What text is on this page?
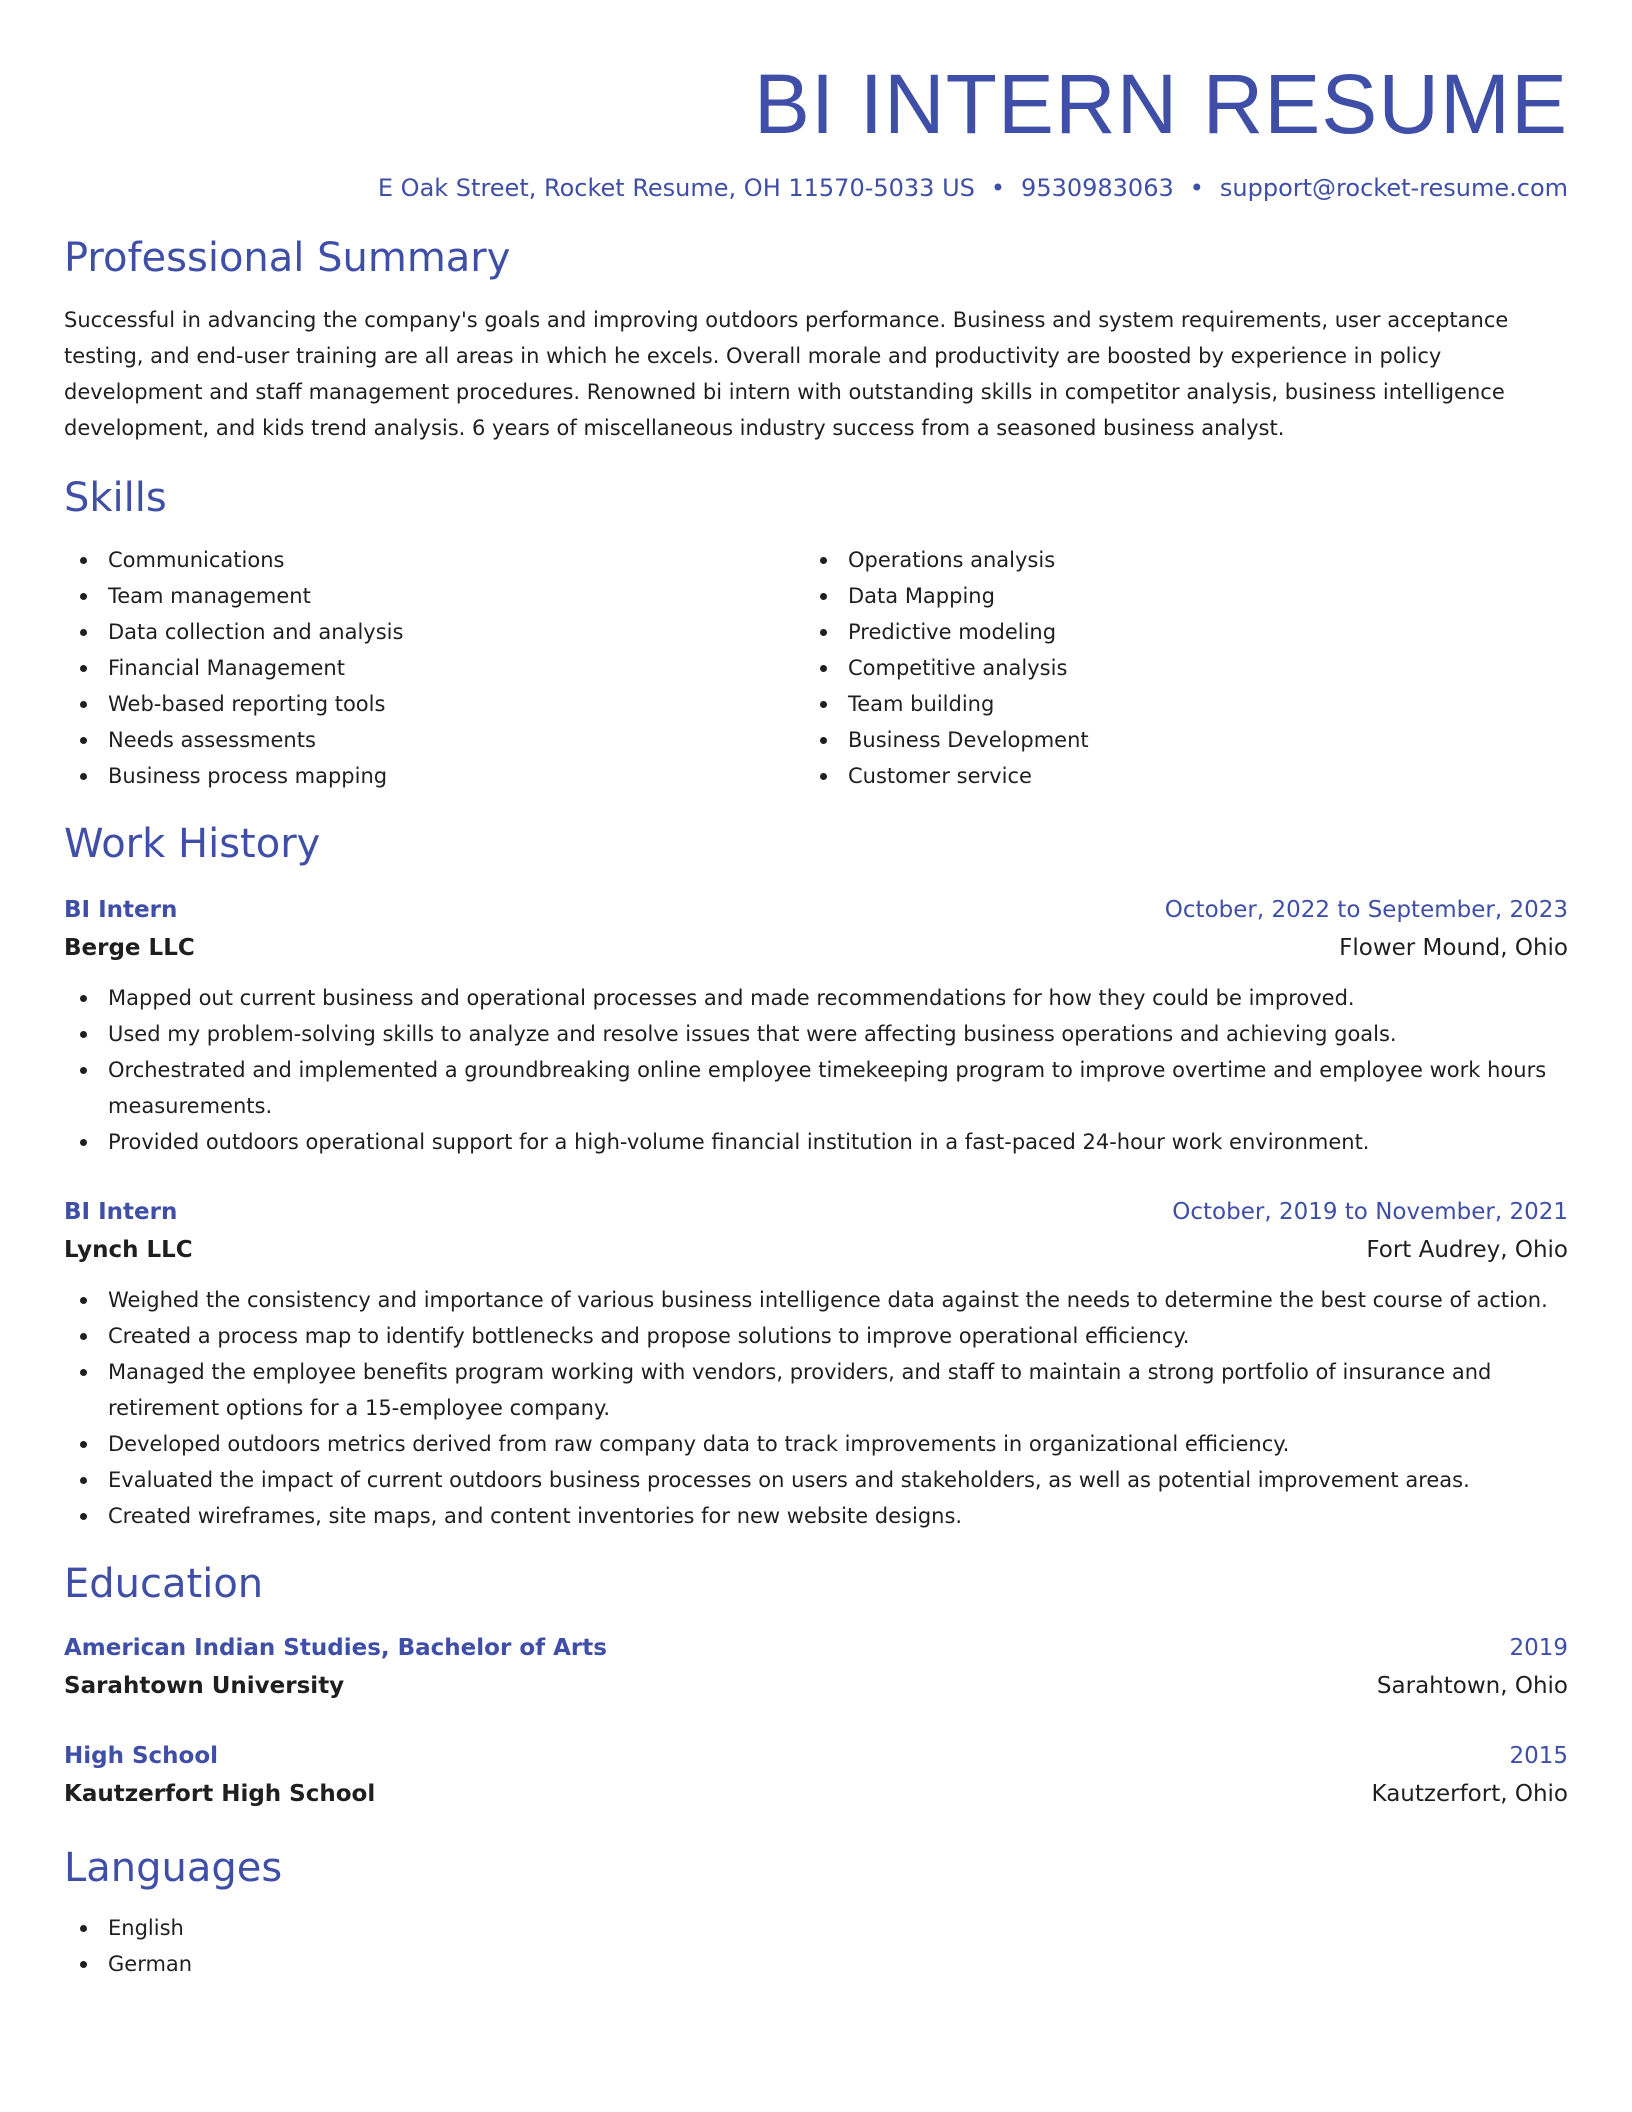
BI INTERN RESUME
E Oak Street, Rocket Resume, OH 11570-5033 US • 9530983063 • support@rocket-resume.com
Professional Summary
Successful in advancing the company's goals and improving outdoors performance. Business and system requirements, user acceptance testing, and end-user training are all areas in which he excels. Overall morale and productivity are boosted by experience in policy development and staff management procedures. Renowned bi intern with outstanding skills in competitor analysis, business intelligence development, and kids trend analysis. 6 years of miscellaneous industry success from a seasoned business analyst.
Skills
Communications
Team management
Data collection and analysis
Financial Management
Web-based reporting tools
Needs assessments
Business process mapping
Operations analysis
Data Mapping
Predictive modeling
Competitive analysis
Team building
Business Development
Customer service
Work History
BI Intern	October, 2022 to September, 2023
Berge LLC	Flower Mound, Ohio
Mapped out current business and operational processes and made recommendations for how they could be improved.
Used my problem-solving skills to analyze and resolve issues that were affecting business operations and achieving goals.
Orchestrated and implemented a groundbreaking online employee timekeeping program to improve overtime and employee work hours measurements.
Provided outdoors operational support for a high-volume financial institution in a fast-paced 24-hour work environment.
BI Intern	October, 2019 to November, 2021
Lynch LLC	Fort Audrey, Ohio
Weighed the consistency and importance of various business intelligence data against the needs to determine the best course of action.
Created a process map to identify bottlenecks and propose solutions to improve operational efficiency.
Managed the employee benefits program working with vendors, providers, and staff to maintain a strong portfolio of insurance and retirement options for a 15-employee company.
Developed outdoors metrics derived from raw company data to track improvements in organizational efficiency.
Evaluated the impact of current outdoors business processes on users and stakeholders, as well as potential improvement areas.
Created wireframes, site maps, and content inventories for new website designs.
Education
American Indian Studies, Bachelor of Arts	2019
Sarahtown University	Sarahtown, Ohio
High School	2015
Kautzerfort High School	Kautzerfort, Ohio
Languages
English
German
